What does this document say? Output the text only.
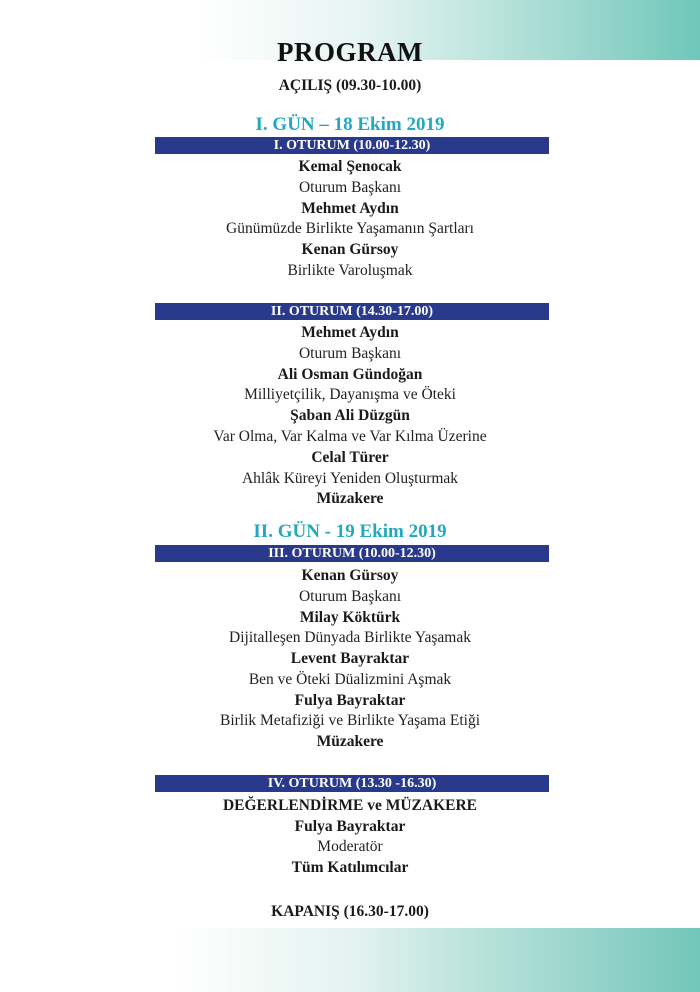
PROGRAM
AÇILIŞ (09.30-10.00)
I. GÜN – 18 Ekim 2019
I. OTURUM (10.00-12.30)
Kemal Şenocak
Oturum Başkanı
Mehmet Aydın
Günümüzde Birlikte Yaşamanın Şartları
Kenan Gürsoy
Birlikte Varoluşmak
II. OTURUM (14.30-17.00)
Mehmet Aydın
Oturum Başkanı
Ali Osman Gündoğan
Milliyetçilik, Dayanışma ve Öteki
Şaban Ali Düzgün
Var Olma, Var Kalma ve Var Kılma Üzerine
Celal Türer
Ahlâk Küreyi Yeniden Oluşturmak
Müzakere
II. GÜN - 19 Ekim 2019
III. OTURUM (10.00-12.30)
Kenan Gürsoy
Oturum Başkanı
Milay Köktürk
Dijitalleşen Dünyada Birlikte Yaşamak
Levent Bayraktar
Ben ve Öteki Düalizmini Aşmak
Fulya Bayraktar
Birlik Metafiziği ve Birlikte Yaşama Etiği
Müzakere
IV. OTURUM (13.30 -16.30)
DEĞERLENDİRME ve MÜZAKERE
Fulya Bayraktar
Moderatör
Tüm Katılımcılar
KAPANIŞ (16.30-17.00)
